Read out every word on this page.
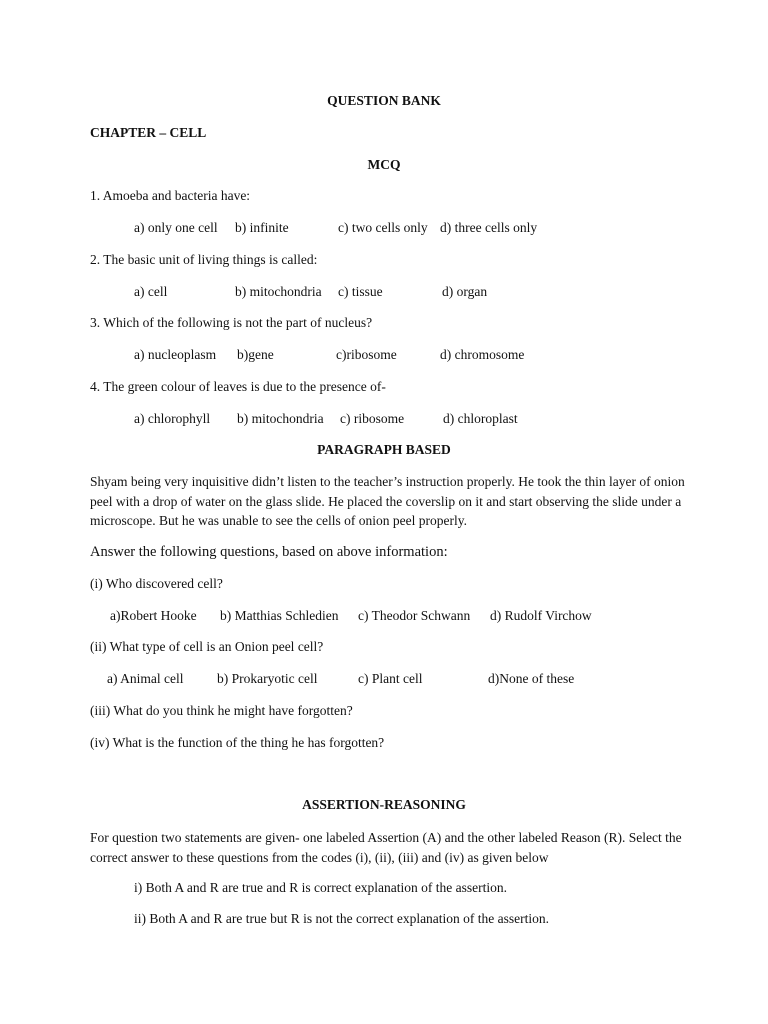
QUESTION BANK
CHAPTER – CELL
MCQ
1. Amoeba and bacteria have:
a) only one cell b) infinite	c) two cells only d) three cells only
2. The basic unit of living things is called:
a) cell	b) mitochondria c) tissue	d) organ
3. Which of the following is not the part of nucleus?
a) nucleoplasm b)gene	c)ribosome	d) chromosome
4. The green colour of leaves is due to the presence of-
a) chlorophyll b) mitochondria c) ribosome	d) chloroplast
PARAGRAPH BASED
Shyam being very inquisitive didn’t listen to the teacher’s instruction properly. He took the thin layer of onion peel with a drop of water on the glass slide. He placed the coverslip on it and start observing the slide under a microscope. But he was unable to see the cells of onion peel properly.
Answer the following questions, based on above information:
(i) Who discovered cell?
a)Robert Hooke b) Matthias Schledien c) Theodor Schwann d) Rudolf Virchow
(ii) What type of cell is an Onion peel cell?
a) Animal cell b) Prokaryotic cell	c) Plant cell	d)None of these
(iii) What do you think he might have forgotten?
(iv) What is the function of the thing he has forgotten?
ASSERTION-REASONING
For question two statements are given- one labeled Assertion (A) and the other labeled Reason (R). Select the correct answer to these questions from the codes (i), (ii), (iii) and (iv) as given below
i) Both A and R are true and R is correct explanation of the assertion.
ii) Both A and R are true but R is not the correct explanation of the assertion.
